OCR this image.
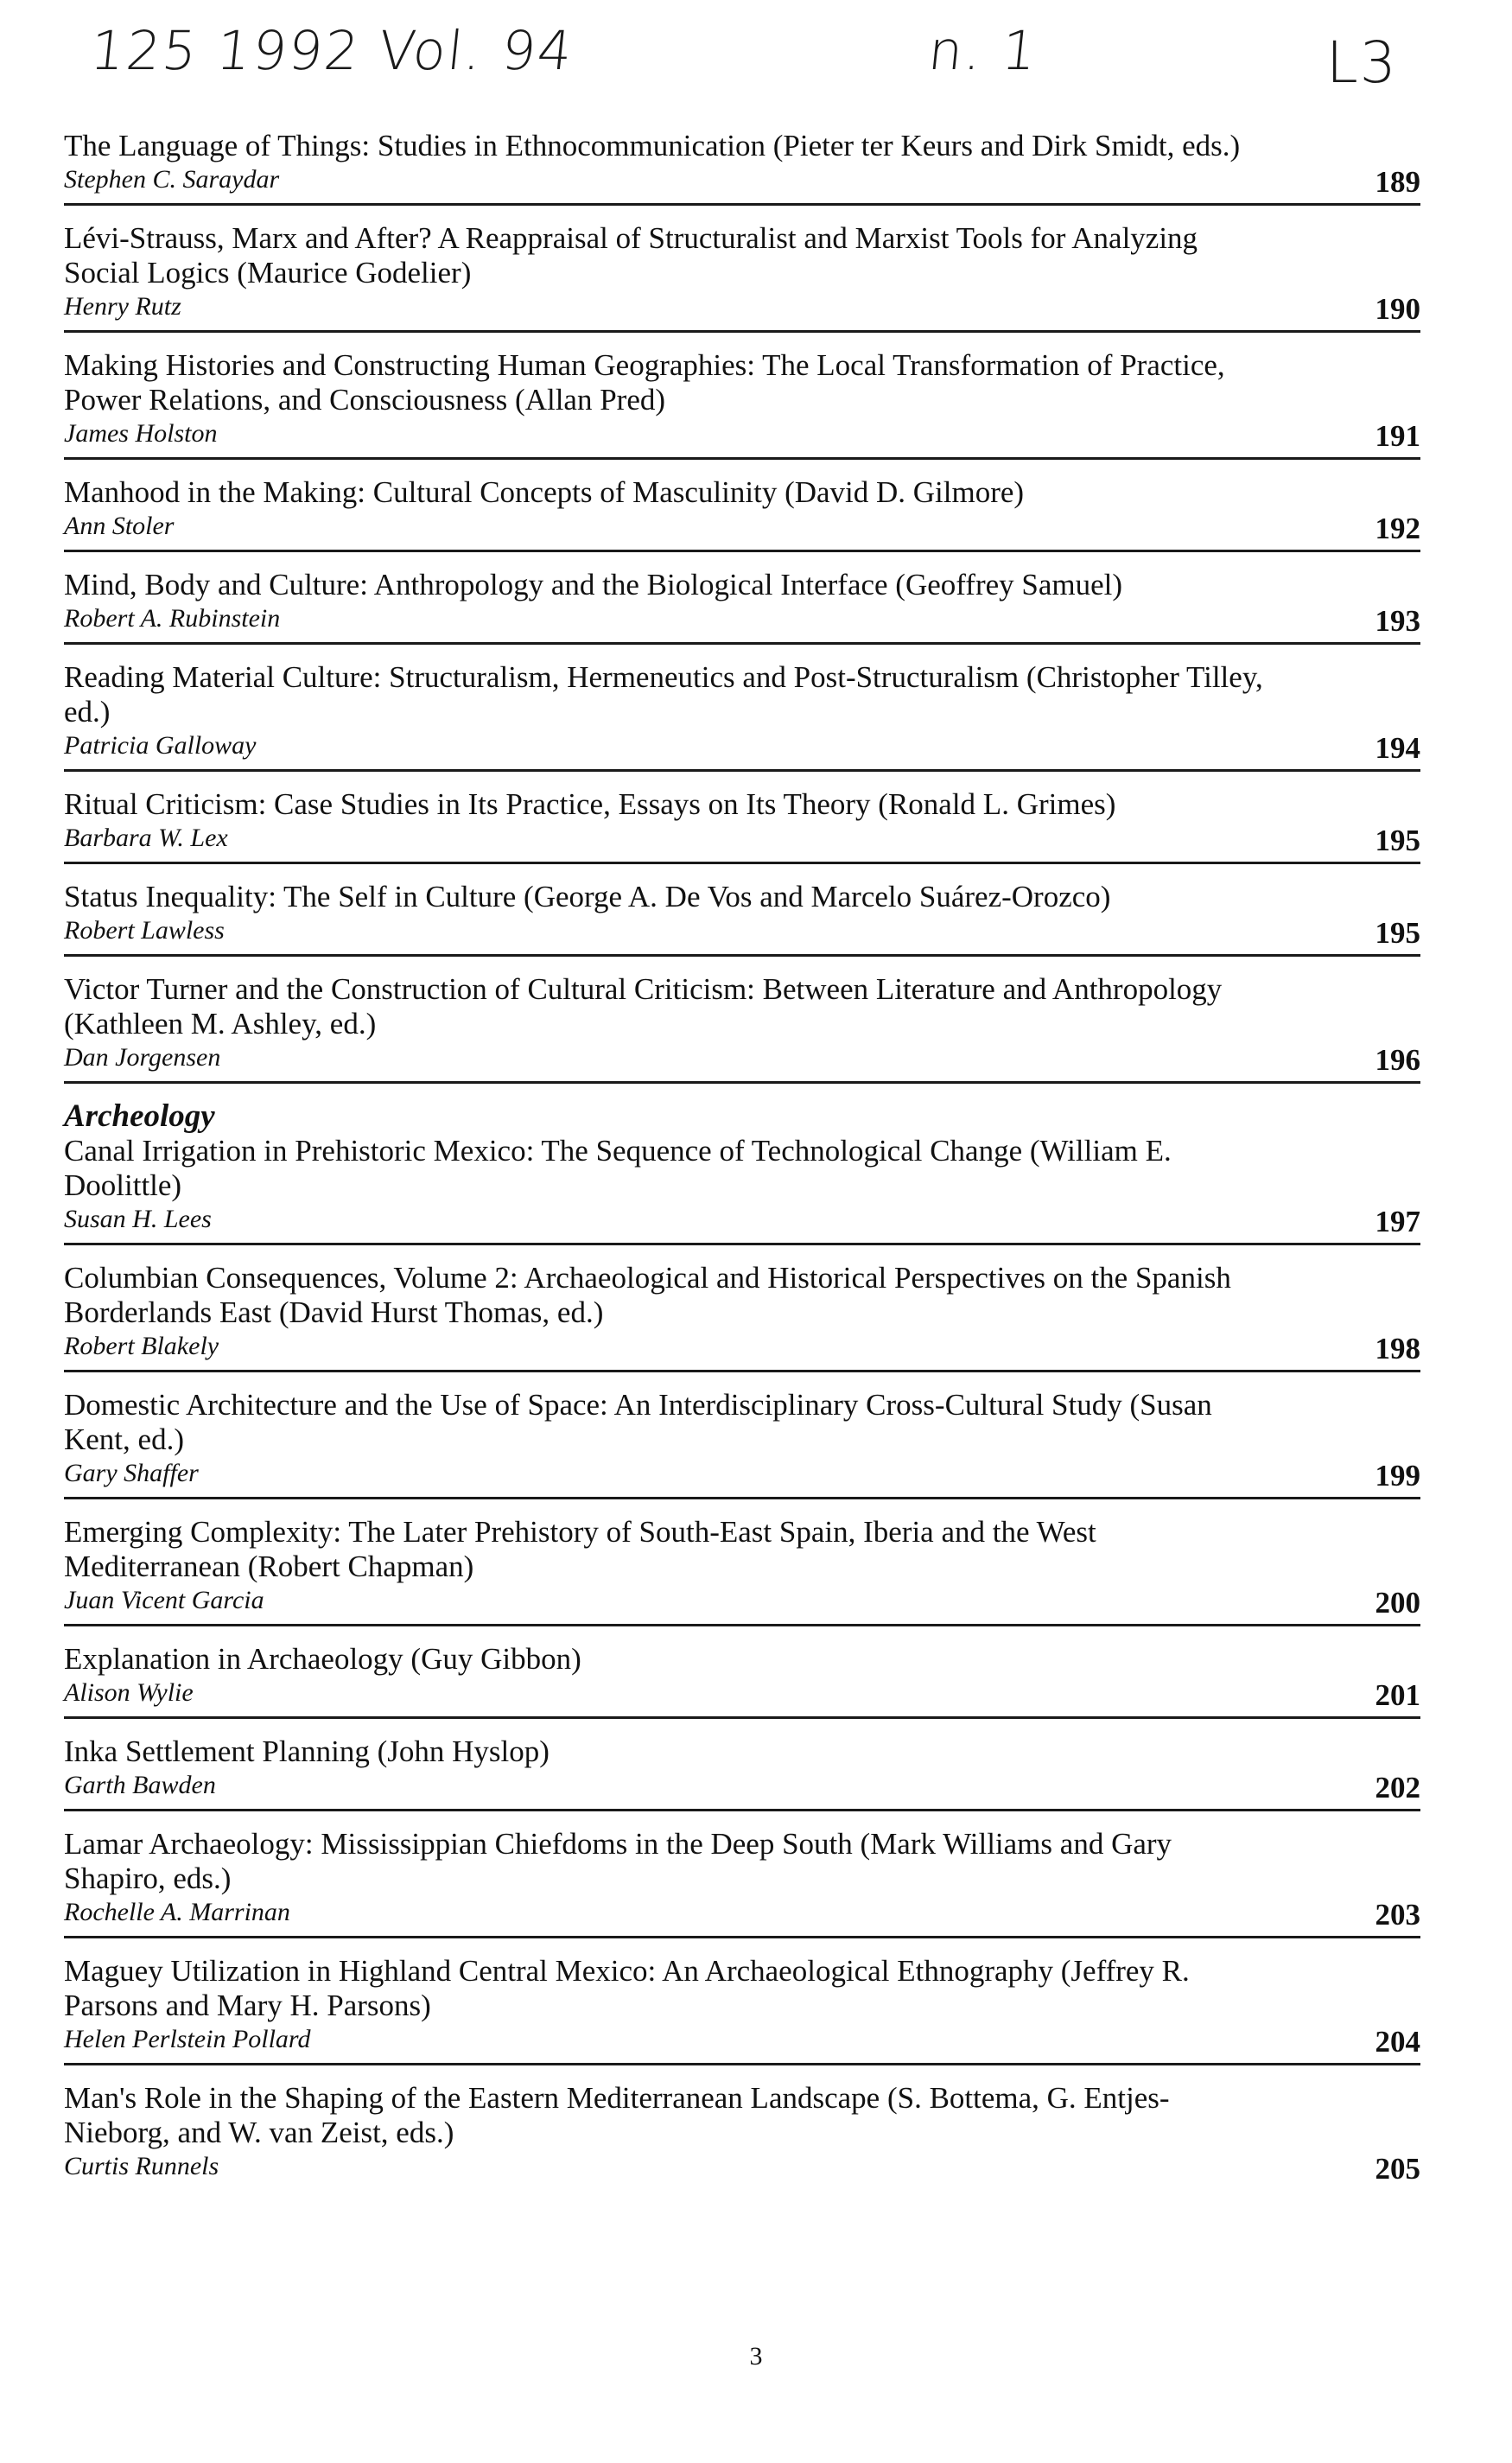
125 1992 Vol. 94	n. 1	L3
The Language of Things: Studies in Ethnocommunication (Pieter ter Keurs and Dirk Smidt, eds.)
Stephen C. Saraydar	189
Lévi-Strauss, Marx and After? A Reappraisal of Structuralist and Marxist Tools for Analyzing Social Logics (Maurice Godelier)
Henry Rutz	190
Making Histories and Constructing Human Geographies: The Local Transformation of Practice, Power Relations, and Consciousness (Allan Pred)
James Holston	191
Manhood in the Making: Cultural Concepts of Masculinity (David D. Gilmore)
Ann Stoler	192
Mind, Body and Culture: Anthropology and the Biological Interface (Geoffrey Samuel)
Robert A. Rubinstein	193
Reading Material Culture: Structuralism, Hermeneutics and Post-Structuralism (Christopher Tilley, ed.)
Patricia Galloway	194
Ritual Criticism: Case Studies in Its Practice, Essays on Its Theory (Ronald L. Grimes)
Barbara W. Lex	195
Status Inequality: The Self in Culture (George A. De Vos and Marcelo Suárez-Orozco)
Robert Lawless	195
Victor Turner and the Construction of Cultural Criticism: Between Literature and Anthropology (Kathleen M. Ashley, ed.)
Dan Jorgensen	196
Archeology
Canal Irrigation in Prehistoric Mexico: The Sequence of Technological Change (William E. Doolittle)
Susan H. Lees	197
Columbian Consequences, Volume 2: Archaeological and Historical Perspectives on the Spanish Borderlands East (David Hurst Thomas, ed.)
Robert Blakely	198
Domestic Architecture and the Use of Space: An Interdisciplinary Cross-Cultural Study (Susan Kent, ed.)
Gary Shaffer	199
Emerging Complexity: The Later Prehistory of South-East Spain, Iberia and the West Mediterranean (Robert Chapman)
Juan Vicent Garcia	200
Explanation in Archaeology (Guy Gibbon)
Alison Wylie	201
Inka Settlement Planning (John Hyslop)
Garth Bawden	202
Lamar Archaeology: Mississippian Chiefdoms in the Deep South (Mark Williams and Gary Shapiro, eds.)
Rochelle A. Marrinan	203
Maguey Utilization in Highland Central Mexico: An Archaeological Ethnography (Jeffrey R. Parsons and Mary H. Parsons)
Helen Perlstein Pollard	204
Man's Role in the Shaping of the Eastern Mediterranean Landscape (S. Bottema, G. Entjes-Nieborg, and W. van Zeist, eds.)
Curtis Runnels	205
3
